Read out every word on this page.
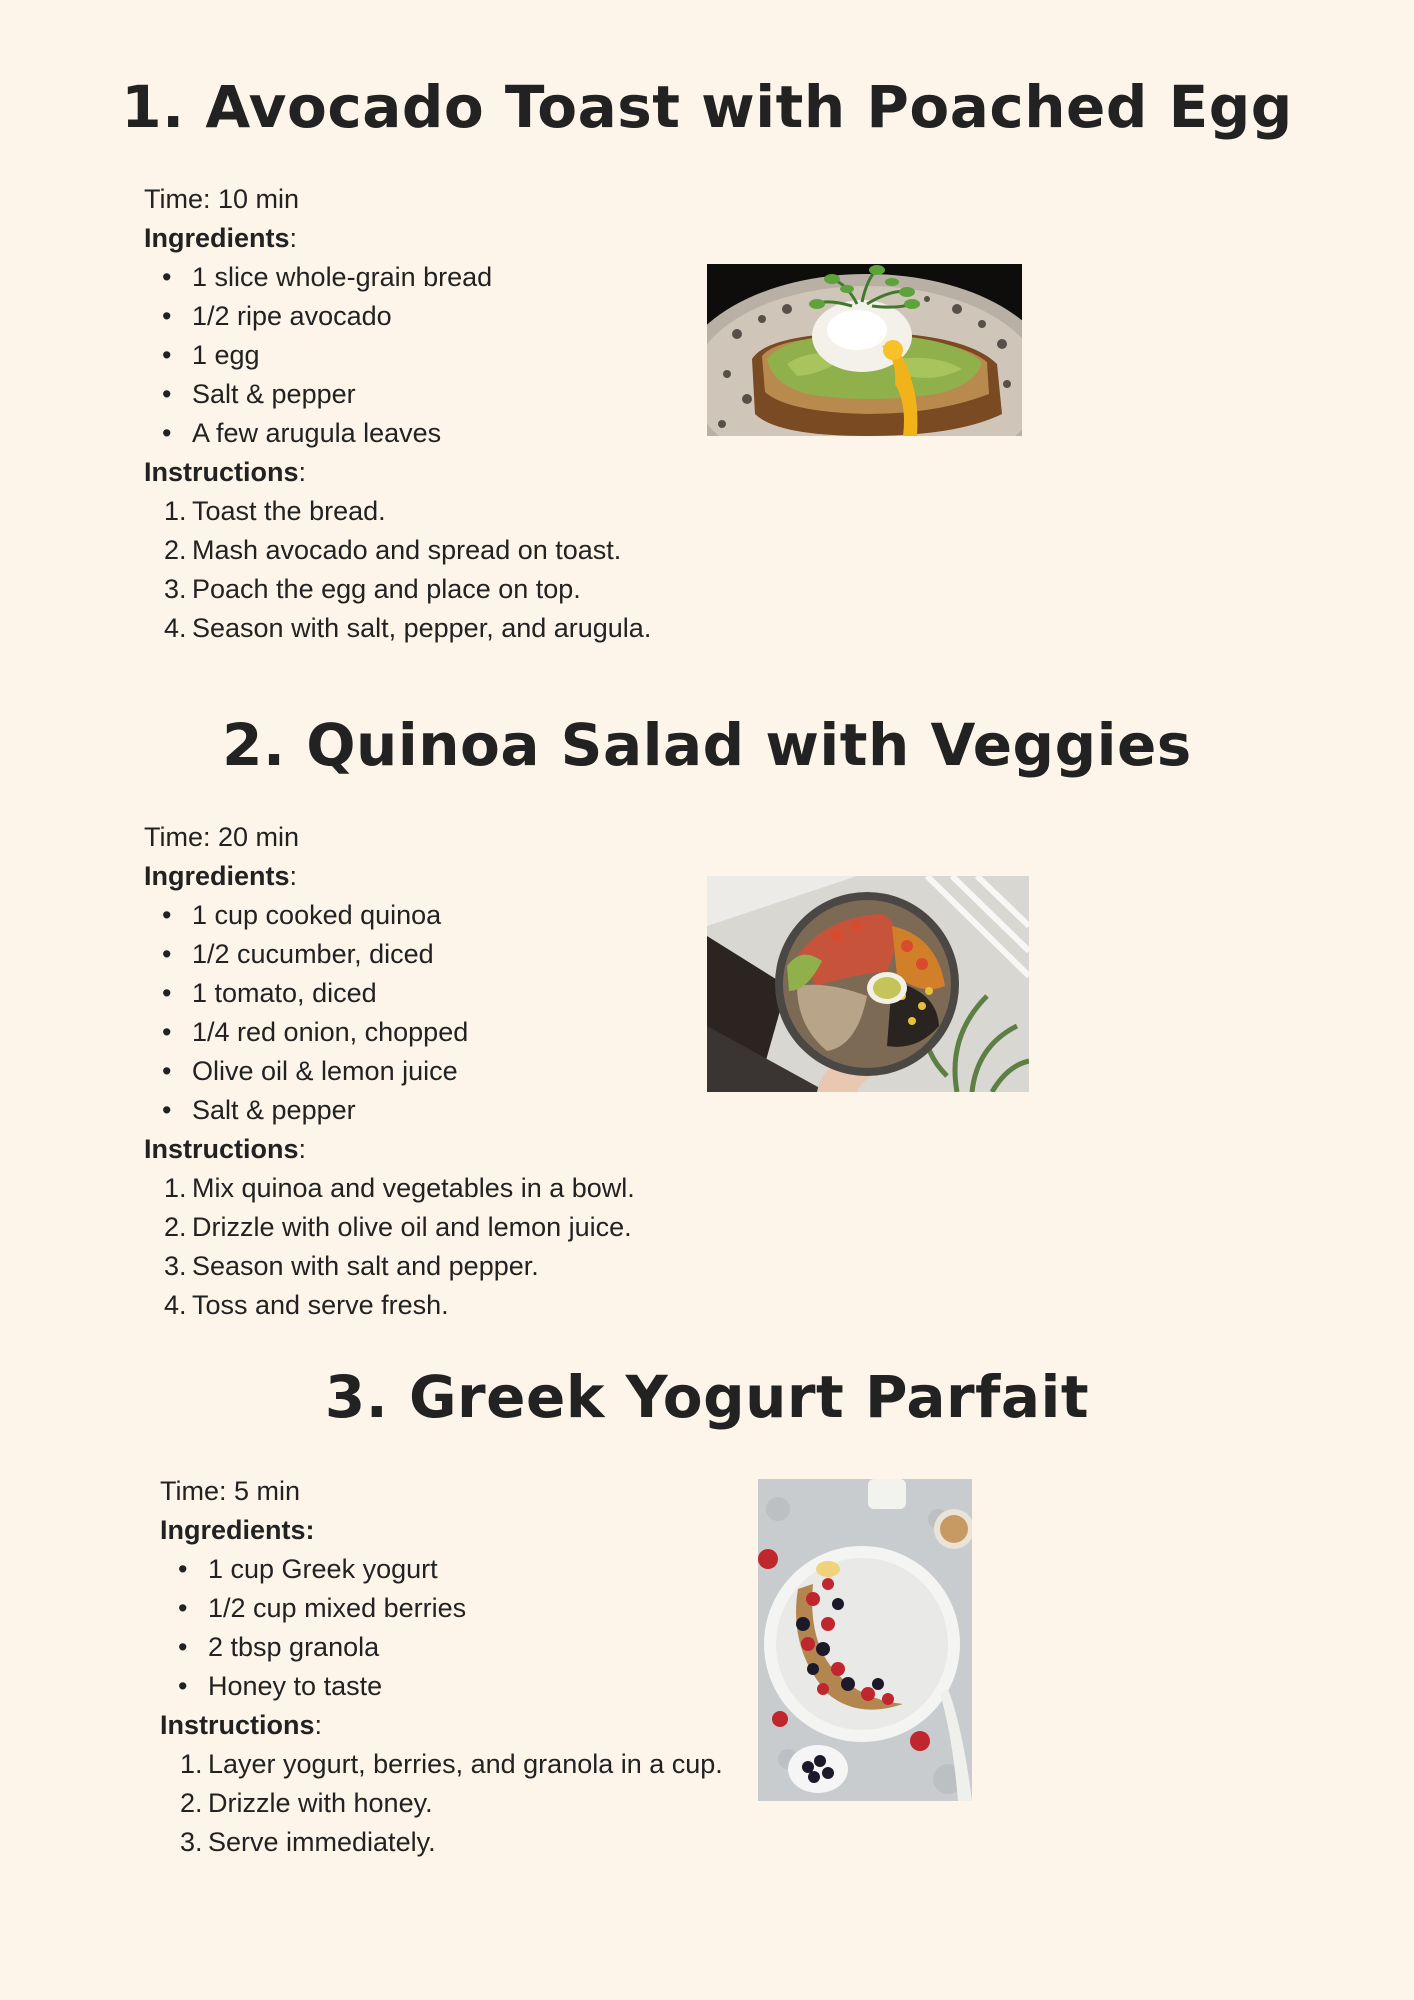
1. Avocado Toast with Poached Egg

Time: 10 min

Ingredients:

• 1 slice whole-grain bread
• 1/2 ripe avocado
• 1 egg
• Salt & pepper
• A few arugula leaves

Instructions:

1. Toast the bread.
2. Mash avocado and spread on toast.
3. Poach the egg and place on top.
4. Season with salt, pepper, and arugula.
2. Quinoa Salad with Veggies

Time: 20 min

Ingredients:

• 1 cup cooked quinoa
• 1/2 cucumber, diced
• 1 tomato, diced
• 1/4 red onion, chopped
• Olive oil & lemon juice
• Salt & pepper

Instructions:

1. Mix quinoa and vegetables in a bowl.
2. Drizzle with olive oil and lemon juice.
3. Season with salt and pepper.
4. Toss and serve fresh.
3. Greek Yogurt Parfait

Time: 5 min

Ingredients:

• 1 cup Greek yogurt
• 1/2 cup mixed berries
• 2 tbsp granola
• Honey to taste

Instructions:

1. Layer yogurt, berries, and granola in a cup.
2. Drizzle with honey.
3. Serve immediately.
